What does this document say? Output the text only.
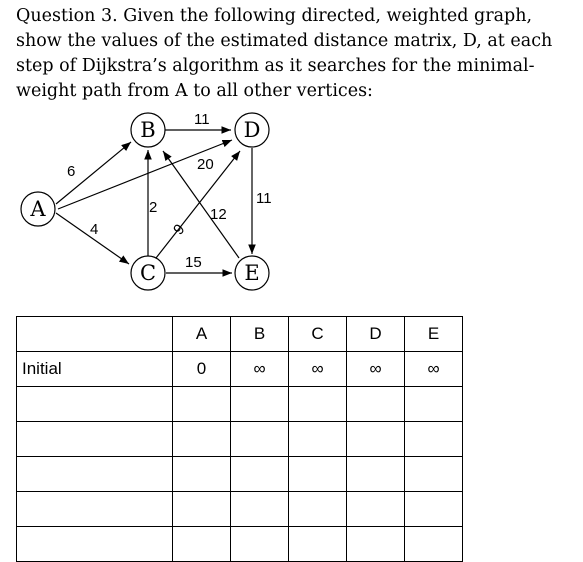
Question 3. Given the following directed, weighted graph, show the values of the estimated distance matrix, D, at each step of Dijkstra’s algorithm as it searches for the minimal-weight path from A to all other vertices:

6
4
20
11
2
9
15
11
12
A
B
C
D
E
	A	B	C	D	E
Initial	0	∞	∞	∞	∞
